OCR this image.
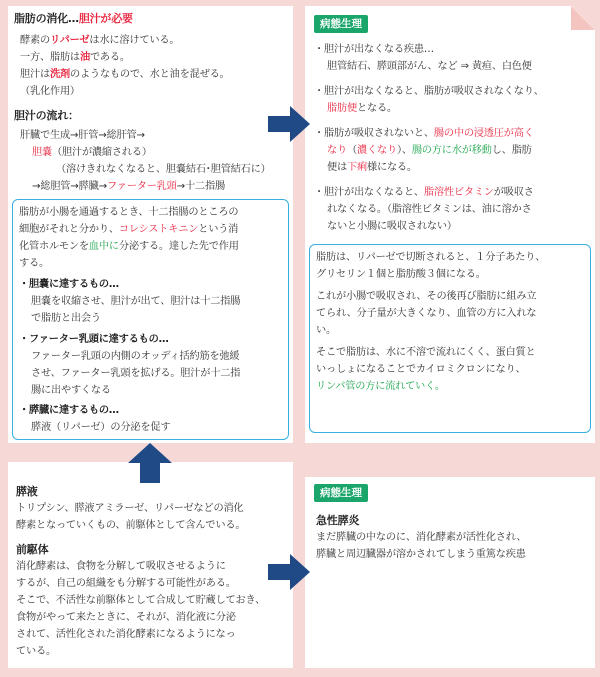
脂肪の消化…胆汁が必要
酵素のリパーゼは水に溶けている。
一方、脂肪は油である。
胆汁は洗剤のようなもので、水と油を混ぜる。
（乳化作用）
胆汁の流れ：
肝臓で生成→肝管→総肝管→
胆嚢（胆汁が濃縮される）
（溶けきれなくなると、胆嚢結石･胆管結石に）
→総胆管→膵臓→ファーター乳頭→十二指腸
脂肪が小腸を通過するとき、十二指腸のところの
細胞がそれと分かり、コレシストキニンという消
化管ホルモンを血中に分泌する。達した先で作用
する。
・胆嚢に達するもの…
胆嚢を収縮させ、胆汁が出て、胆汁は十二指腸
で脂肪と出会う
・ファーター乳頭に達するもの…
ファーター乳頭の内側のオッディ括約筋を弛緩
させ、ファーター乳頭を拡げる。胆汁が十二指
腸に出やすくなる
・膵臓に達するもの…
膵液（リパーゼ）の分泌を促す
病態生理
・胆汁が出なくなる疾患…
胆管結石、膵頭部がん、など ⇒ 黄疸、白色便
・胆汁が出なくなると、脂肪が吸収されなくなり、
脂肪便となる。
・脂肪が吸収されないと、腸の中の浸透圧が高く
なり（濃くなり）、腸の方に水が移動し、脂肪
便は下痢様になる。
・胆汁が出なくなると、脂溶性ビタミンが吸収さ
れなくなる。（脂溶性ビタミンは、油に溶かさ
ないと小腸に吸収されない）
脂肪は、リパーゼで切断されると、１分子あたり、
グリセリン１個と脂肪酸３個になる。
これが小腸で吸収され、その後再び脂肪に組み立
てられ、分子量が大きくなり、血管の方に入れな
い。
そこで脂肪は、水に不溶で流れにくく、蛋白質と
いっしょになることでカイロミクロンになり、
リンパ管の方に流れていく。
膵液
トリプシン、膵液アミラーゼ、リパーゼなどの消化
酵素となっていくもの、前駆体として含んでいる。
前駆体
消化酵素は、食物を分解して吸収させるように
するが、自己の組織をも分解する可能性がある。
そこで、不活性な前駆体として合成して貯蔵しておき、
食物がやって来たときに、それが、消化液に分泌
されて、活性化された消化酵素になるようになっ
ている。
病態生理
急性膵炎
まだ膵臓の中なのに、消化酵素が活性化され、
膵臓と周辺臓器が溶かされてしまう重篤な疾患
